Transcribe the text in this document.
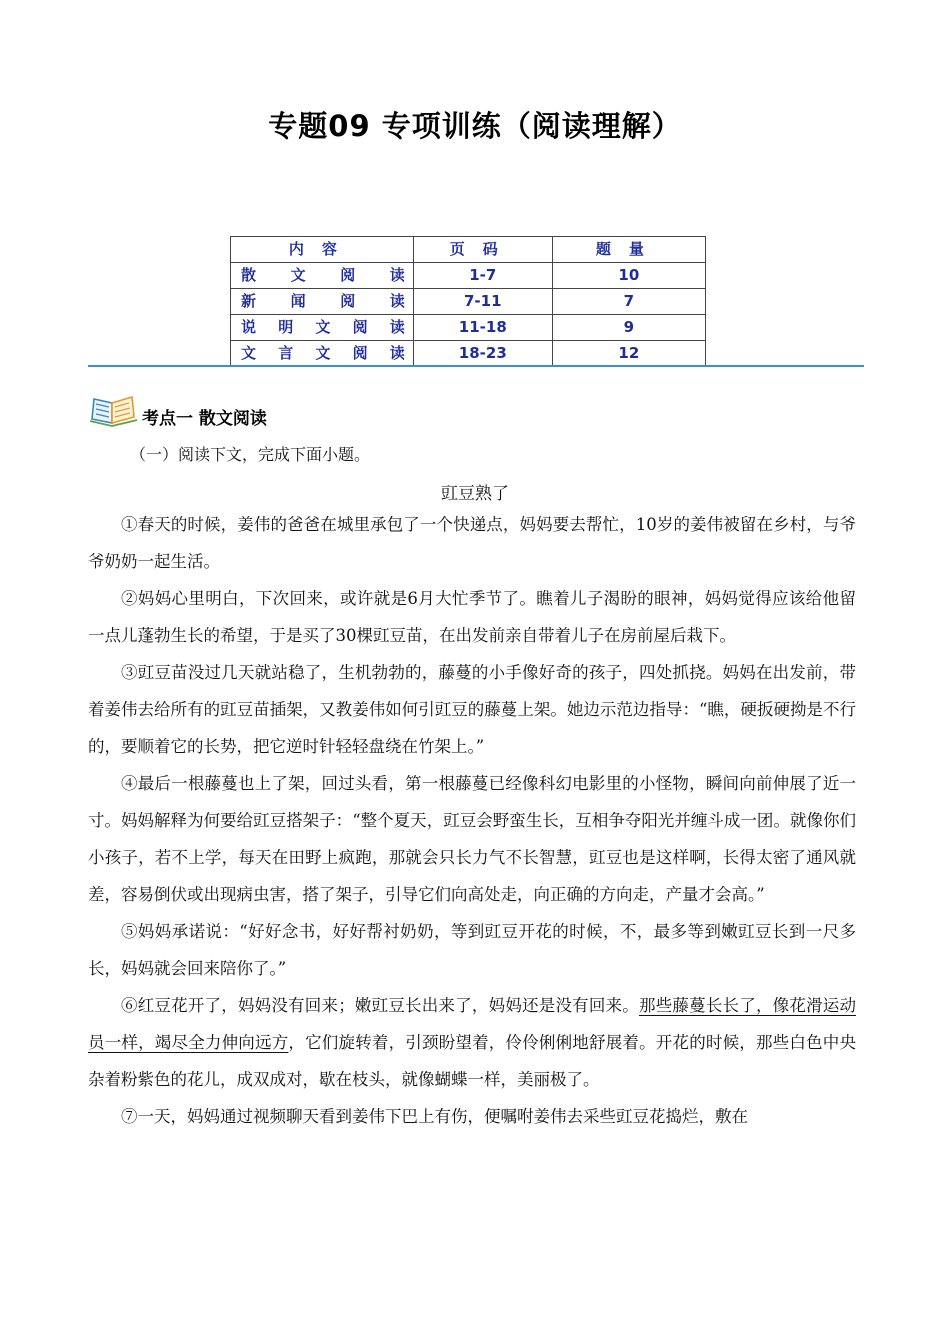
专题09 专项训练（阅读理解）
内容	页码	题量
散文阅读	1-7	10
新闻阅读	7-11	7
说明文阅读	11-18	9
文言文阅读	18-23	12
考点一 散文阅读
（一）阅读下文，完成下面小题。
豇豆熟了

①春天的时候，姜伟的爸爸在城里承包了一个快递点，妈妈要去帮忙，10岁的姜伟被留在乡村，与爷爷奶奶一起生活。

②妈妈心里明白，下次回来，或许就是6月大忙季节了。瞧着儿子渴盼的眼神，妈妈觉得应该给他留一点儿蓬勃生长的希望，于是买了30棵豇豆苗，在出发前亲自带着儿子在房前屋后栽下。

③豇豆苗没过几天就站稳了，生机勃勃的，藤蔓的小手像好奇的孩子，四处抓挠。妈妈在出发前，带着姜伟去给所有的豇豆苗插架，又教姜伟如何引豇豆的藤蔓上架。她边示范边指导：“瞧，硬扳硬拗是不行的，要顺着它的长势，把它逆时针轻轻盘绕在竹架上。”

④最后一根藤蔓也上了架，回过头看，第一根藤蔓已经像科幻电影里的小怪物，瞬间向前伸展了近一寸。妈妈解释为何要给豇豆搭架子：“整个夏天，豇豆会野蛮生长，互相争夺阳光并缠斗成一团。就像你们小孩子，若不上学，每天在田野上疯跑，那就会只长力气不长智慧，豇豆也是这样啊，长得太密了通风就差，容易倒伏或出现病虫害，搭了架子，引导它们向高处走，向正确的方向走，产量才会高。”

⑤妈妈承诺说：“好好念书，好好帮衬奶奶，等到豇豆开花的时候，不，最多等到嫩豇豆长到一尺多长，妈妈就会回来陪你了。”

⑥红豆花开了，妈妈没有回来；嫩豇豆长出来了，妈妈还是没有回来。那些藤蔓长长了，像花滑运动员一样，竭尽全力伸向远方，它们旋转着，引颈盼望着，伶伶俐俐地舒展着。开花的时候，那些白色中央杂着粉紫色的花儿，成双成对，歇在枝头，就像蝴蝶一样，美丽极了。

⑦一天，妈妈通过视频聊天看到姜伟下巴上有伤，便嘱咐姜伟去采些豇豆花捣烂，敷在
